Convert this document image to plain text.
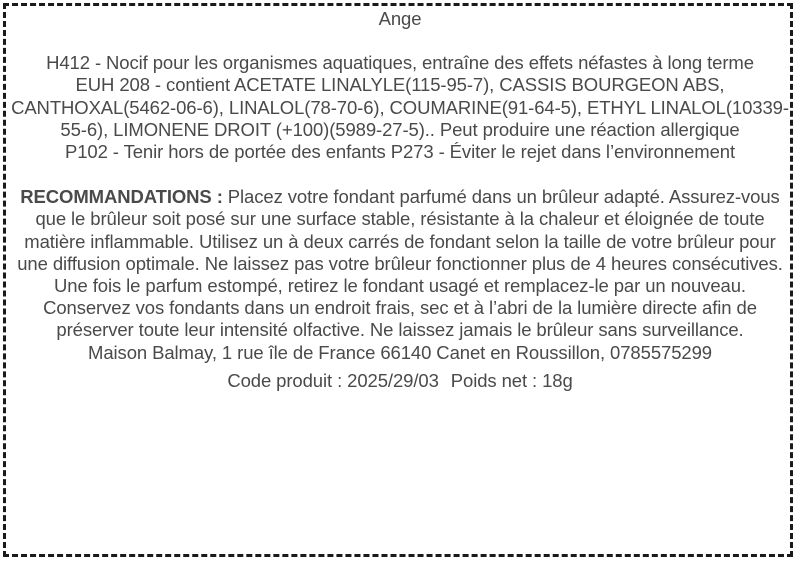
Ange

H412 - Nocif pour les organismes aquatiques, entraîne des effets néfastes à long terme

EUH 208 - contient ACETATE LINALYLE(115-95-7), CASSIS BOURGEON ABS, CANTHOXAL(5462-06-6), LINALOL(78-70-6), COUMARINE(91-64-5), ETHYL LINALOL(10339-55-6), LIMONENE DROIT (+100)(5989-27-5).. Peut produire une réaction allergique

P102 - Tenir hors de portée des enfants P273 - Éviter le rejet dans l’environnement

RECOMMANDATIONS : Placez votre fondant parfumé dans un brûleur adapté. Assurez-vous que le brûleur soit posé sur une surface stable, résistante à la chaleur et éloignée de toute matière inflammable. Utilisez un à deux carrés de fondant selon la taille de votre brûleur pour une diffusion optimale. Ne laissez pas votre brûleur fonctionner plus de 4 heures consécutives. Une fois le parfum estompé, retirez le fondant usagé et remplacez-le par un nouveau. Conservez vos fondants dans un endroit frais, sec et à l’abri de la lumière directe afin de préserver toute leur intensité olfactive. Ne laissez jamais le brûleur sans surveillance.
Maison Balmay, 1 rue île de France 66140 Canet en Roussillon, 0785575299
Code produit : 2025/29/03 Poids net : 18g
